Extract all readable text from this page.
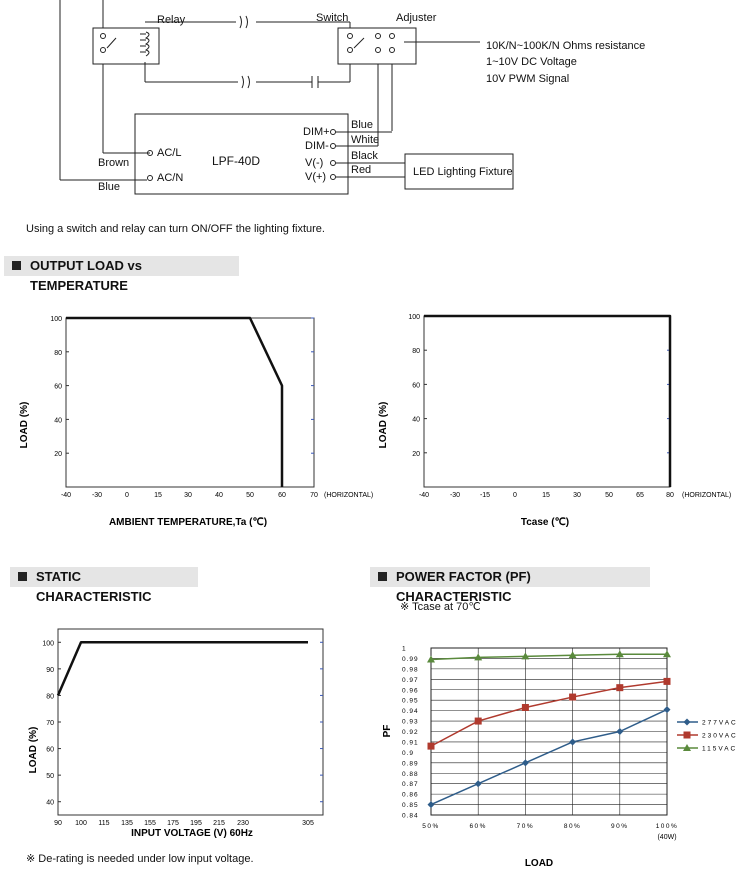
Relay	Switch	Adjuster
10K/N~100K/N Ohms resistance
1~10V DC Voltage
10V PWM Signal
LPF-40D
AC/L
AC/N
Brown
Blue
DIM+
DIM-
V(-)
V(+)
Blue
White
Black
Red	LED Lighting Fixture
Using a switch and relay can turn ON/OFF the lighting fixture.
OUTPUT LOAD vs TEMPERATURE
STATIC CHARACTERISTIC
POWER FACTOR (PF) CHARACTERISTIC
※ Tcase at 70℃
※ De-rating is needed under low input voltage.
20
40
60
80
100
-40	-30	0	15	30	40	50	60	70 (HORIZONTAL)
AMBIENT TEMPERATURE,Ta (℃)
LOAD (%)
20
40
60
80
100
-40	-30	-15	0	15	30	50	65	80 (HORIZONTAL)
Tcase (℃)
LOAD (%)
40
50
60
70
80
90
100
90 100 115 135 155 175 195 215 230	305
INPUT VOLTAGE (V) 60Hz
LOAD (%)
0.84
0.85
0.86
0.87
0.88
0.89
0.9
0.91
0.92
0.93
0.94
0.95
0.96
0.97
0.98
0.99
1
50%	60%	70%	80%	90%	100%
(40W)
LOAD
PF
277VAC
230VAC
115VAC
